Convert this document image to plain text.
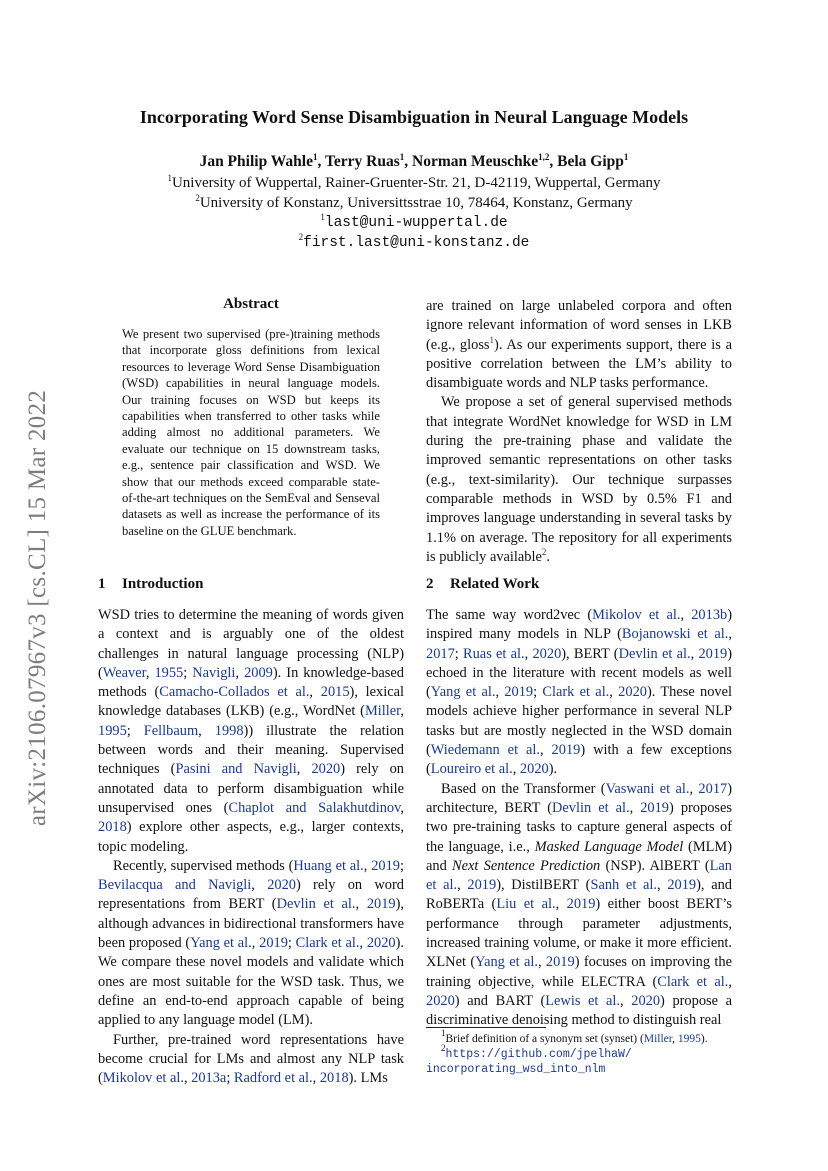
Incorporating Word Sense Disambiguation in Neural Language Models
Jan Philip Wahle$^1$, Terry Ruas$^1$, Norman Meuschke$^{1,2}$, Bela Gipp$^1$
$^1$University of Wuppertal, Rainer-Gruenter-Str. 21, D-42119, Wuppertal, Germany
$^2$University of Konstanz, Universittsstrae 10, 78464, Konstanz, Germany
$^1$last@uni-wuppertal.de
$^2$first.last@uni-konstanz.de
arXiv:2106.07967v3 [cs.CL] 15 Mar 2022
Abstract
We present two supervised (pre-)training methods that incorporate gloss definitions from lexical resources to leverage Word Sense Disambiguation (WSD) capabilities in neural language models. Our training focuses on WSD but keeps its capabilities when transferred to other tasks while adding almost no additional parameters. We evaluate our technique on 15 downstream tasks, e.g., sentence pair classification and WSD. We show that our methods exceed comparable state-of-the-art techniques on the SemEval and Senseval datasets as well as increase the performance of its baseline on the GLUE benchmark.
1 Introduction

WSD tries to determine the meaning of words given a context and is arguably one of the oldest challenges in natural language processing (NLP) (Weaver, 1955; Navigli, 2009). In knowledge-based methods (Camacho-Collados et al., 2015), lexical knowledge databases (LKB) (e.g., WordNet (Miller, 1995; Fellbaum, 1998)) illustrate the relation between words and their meaning. Supervised techniques (Pasini and Navigli, 2020) rely on annotated data to perform disambiguation while unsupervised ones (Chaplot and Salakhutdinov, 2018) explore other aspects, e.g., larger contexts, topic modeling.

Recently, supervised methods (Huang et al., 2019; Bevilacqua and Navigli, 2020) rely on word representations from BERT (Devlin et al., 2019), although advances in bidirectional transformers have been proposed (Yang et al., 2019; Clark et al., 2020). We compare these novel models and validate which ones are most suitable for the WSD task. Thus, we define an end-to-end approach capable of being applied to any language model (LM).

Further, pre-trained word representations have become crucial for LMs and almost any NLP task (Mikolov et al., 2013a; Radford et al., 2018). LMs

are trained on large unlabeled corpora and often ignore relevant information of word senses in LKB (e.g., gloss$^1$). As our experiments support, there is a positive correlation between the LM’s ability to disambiguate words and NLP tasks performance.

We propose a set of general supervised methods that integrate WordNet knowledge for WSD in LM during the pre-training phase and validate the improved semantic representations on other tasks (e.g., text-similarity). Our technique surpasses comparable methods in WSD by 0.5% F1 and improves language understanding in several tasks by 1.1% on average. The repository for all experiments is publicly available$^2$.

2 Related Work

The same way word2vec (Mikolov et al., 2013b) inspired many models in NLP (Bojanowski et al., 2017; Ruas et al., 2020), BERT (Devlin et al., 2019) echoed in the literature with recent models as well (Yang et al., 2019; Clark et al., 2020). These novel models achieve higher performance in several NLP tasks but are mostly neglected in the WSD domain (Wiedemann et al., 2019) with a few exceptions (Loureiro et al., 2020).

Based on the Transformer (Vaswani et al., 2017) architecture, BERT (Devlin et al., 2019) proposes two pre-training tasks to capture general aspects of the language, i.e., Masked Language Model (MLM) and Next Sentence Prediction (NSP). AlBERT (Lan et al., 2019), DistilBERT (Sanh et al., 2019), and RoBERTa (Liu et al., 2019) either boost BERT’s performance through parameter adjustments, increased training volume, or make it more efficient. XLNet (Yang et al., 2019) focuses on improving the training objective, while ELECTRA (Clark et al., 2020) and BART (Lewis et al., 2020) propose a discriminative denoising method to distinguish real

$^1$Brief definition of a synonym set (synset) (Miller, 1995).
$^2$https://github.com/jpelhaW/
incorporating_wsd_into_nlm
